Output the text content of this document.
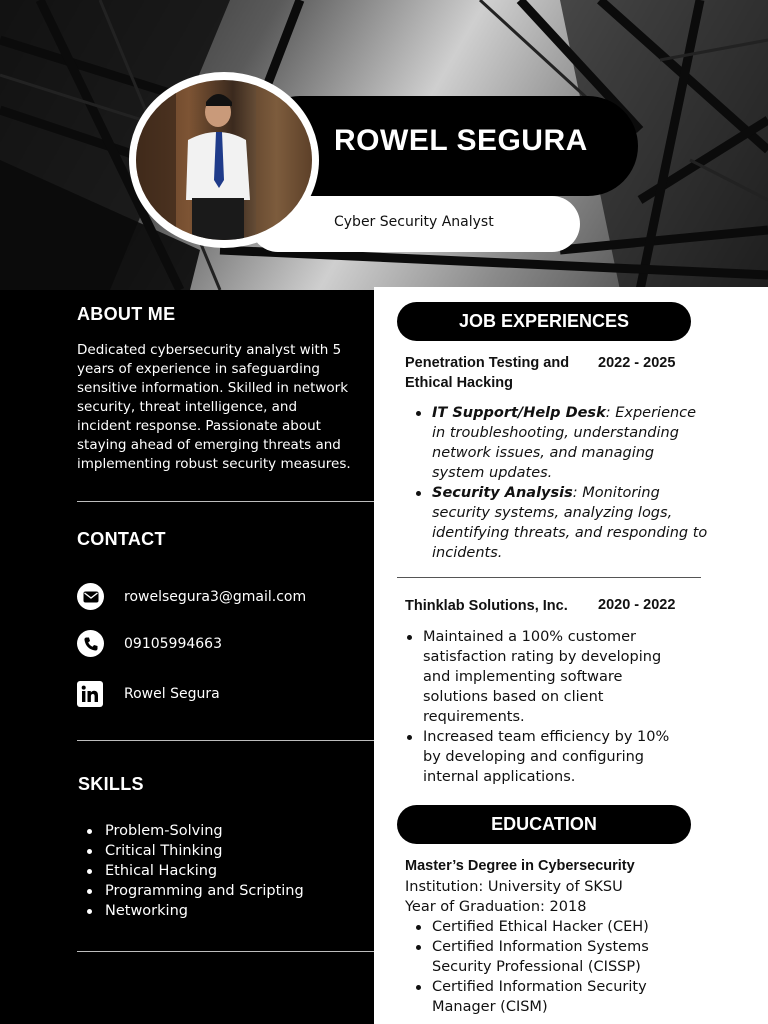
ROWEL SEGURA
Cyber Security Analyst
ABOUT ME
Dedicated cybersecurity analyst with 5 years of experience in safeguarding sensitive information. Skilled in network security, threat intelligence, and incident response. Passionate about staying ahead of emerging threats and implementing robust security measures.
CONTACT
rowelsegura3@gmail.com
09105994663
Rowel Segura
SKILLS
Problem-Solving
Critical Thinking
Ethical Hacking
Programming and Scripting
Networking
JOB EXPERIENCES
Penetration Testing and Ethical Hacking
2022 - 2025
IT Support/Help Desk: Experience in troubleshooting, understanding network issues, and managing system updates.
Security Analysis: Monitoring security systems, analyzing logs, identifying threats, and responding to incidents.
Thinklab Solutions, Inc.	2020 - 2022
Maintained a 100% customer satisfaction rating by developing and implementing software solutions based on client requirements.
Increased team efficiency by 10% by developing and configuring internal applications.
EDUCATION
Master’s Degree in Cybersecurity
Institution: University of SKSU
Year of Graduation: 2018
Certified Ethical Hacker (CEH)
Certified Information Systems Security Professional (CISSP)
Certified Information Security Manager (CISM)
